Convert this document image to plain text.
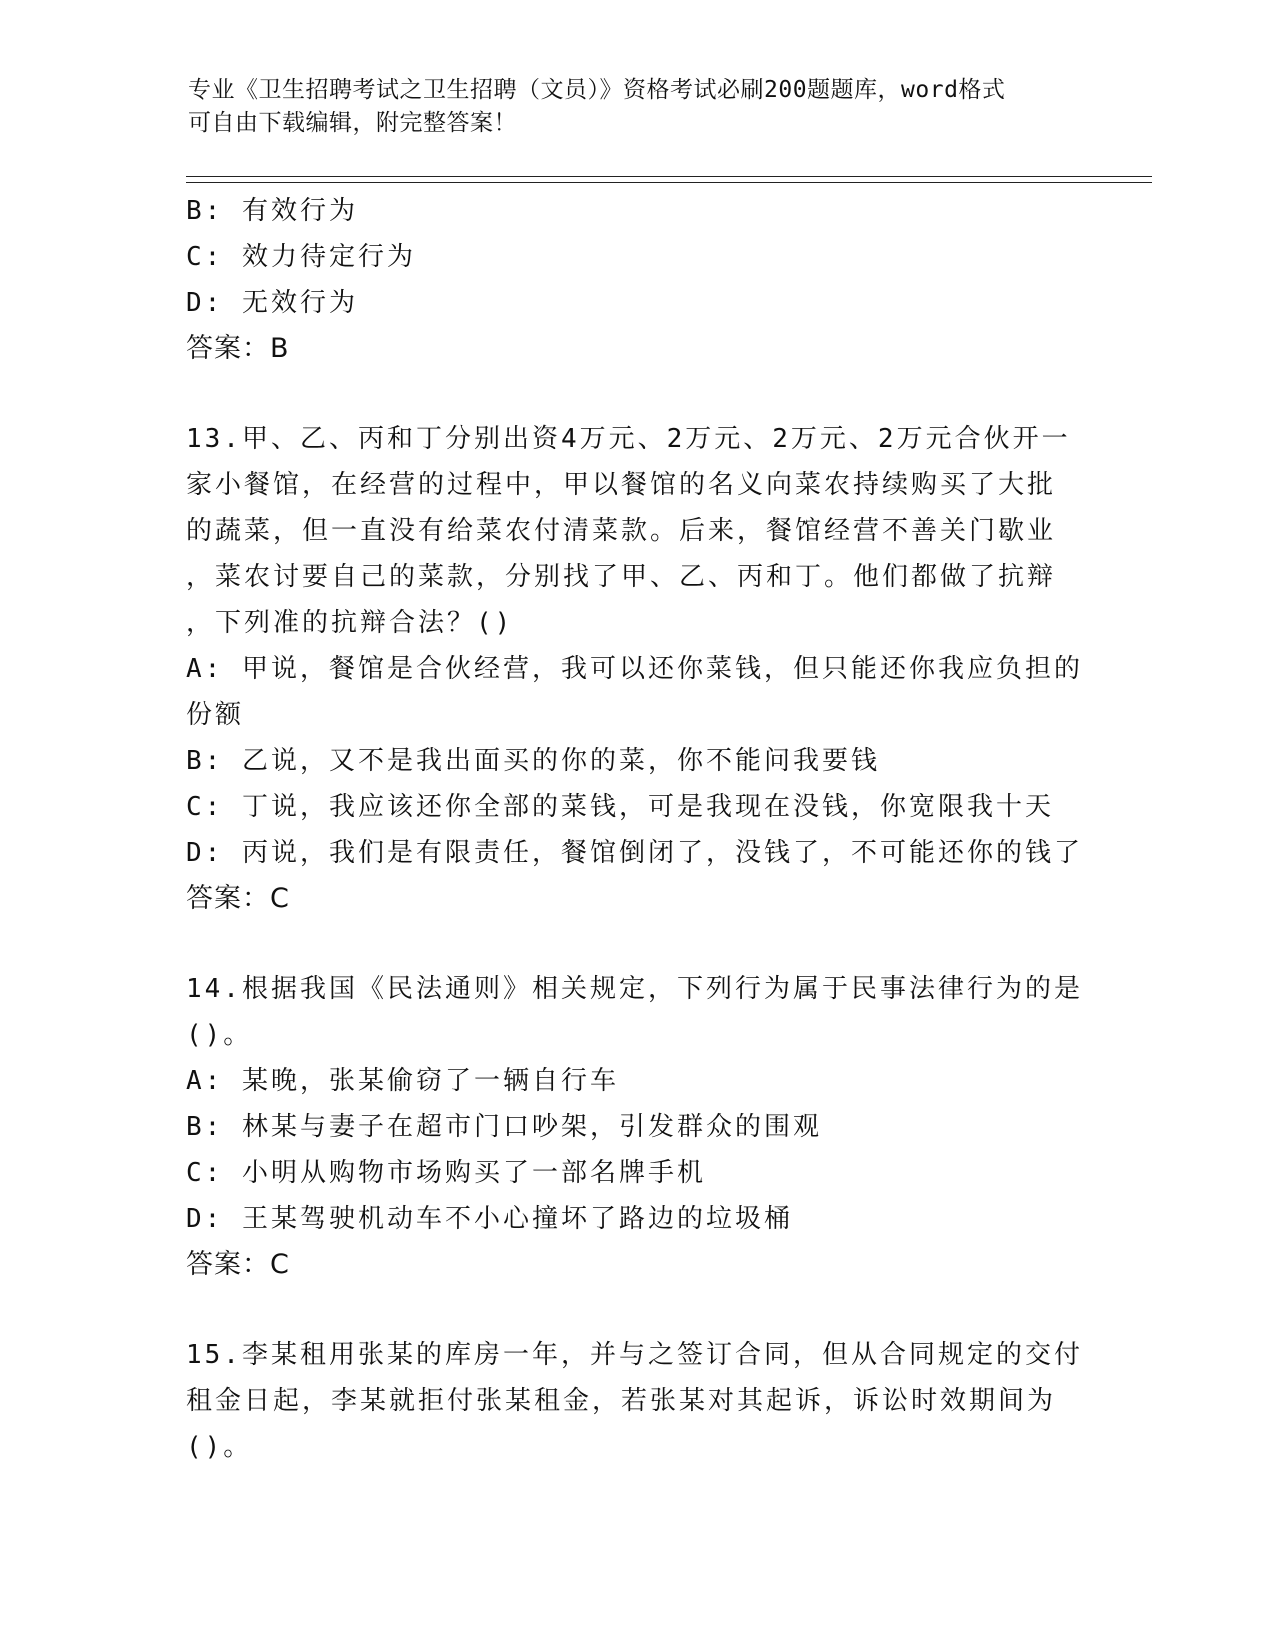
专业《卫生招聘考试之卫生招聘（文员）》资格考试必刷200题题库，word格式
可自由下载编辑，附完整答案！
B: 有效行为
C: 效力待定行为
D: 无效行为
答案：B
13.甲、乙、丙和丁分别出资4万元、2万元、2万元、2万元合伙开一
家小餐馆，在经营的过程中，甲以餐馆的名义向菜农持续购买了大批
的蔬菜，但一直没有给菜农付清菜款。后来，餐馆经营不善关门歇业
，菜农讨要自己的菜款，分别找了甲、乙、丙和丁。他们都做了抗辩
，下列准的抗辩合法？()
A: 甲说，餐馆是合伙经营，我可以还你菜钱，但只能还你我应负担的
份额
B: 乙说，又不是我出面买的你的菜，你不能问我要钱
C: 丁说，我应该还你全部的菜钱，可是我现在没钱，你宽限我十天
D: 丙说，我们是有限责任，餐馆倒闭了，没钱了，不可能还你的钱了
答案：C
14.根据我国《民法通则》相关规定，下列行为属于民事法律行为的是
()。
A: 某晚，张某偷窃了一辆自行车
B: 林某与妻子在超市门口吵架，引发群众的围观
C: 小明从购物市场购买了一部名牌手机
D: 王某驾驶机动车不小心撞坏了路边的垃圾桶
答案：C
15.李某租用张某的库房一年，并与之签订合同，但从合同规定的交付
租金日起，李某就拒付张某租金，若张某对其起诉，诉讼时效期间为
()。
